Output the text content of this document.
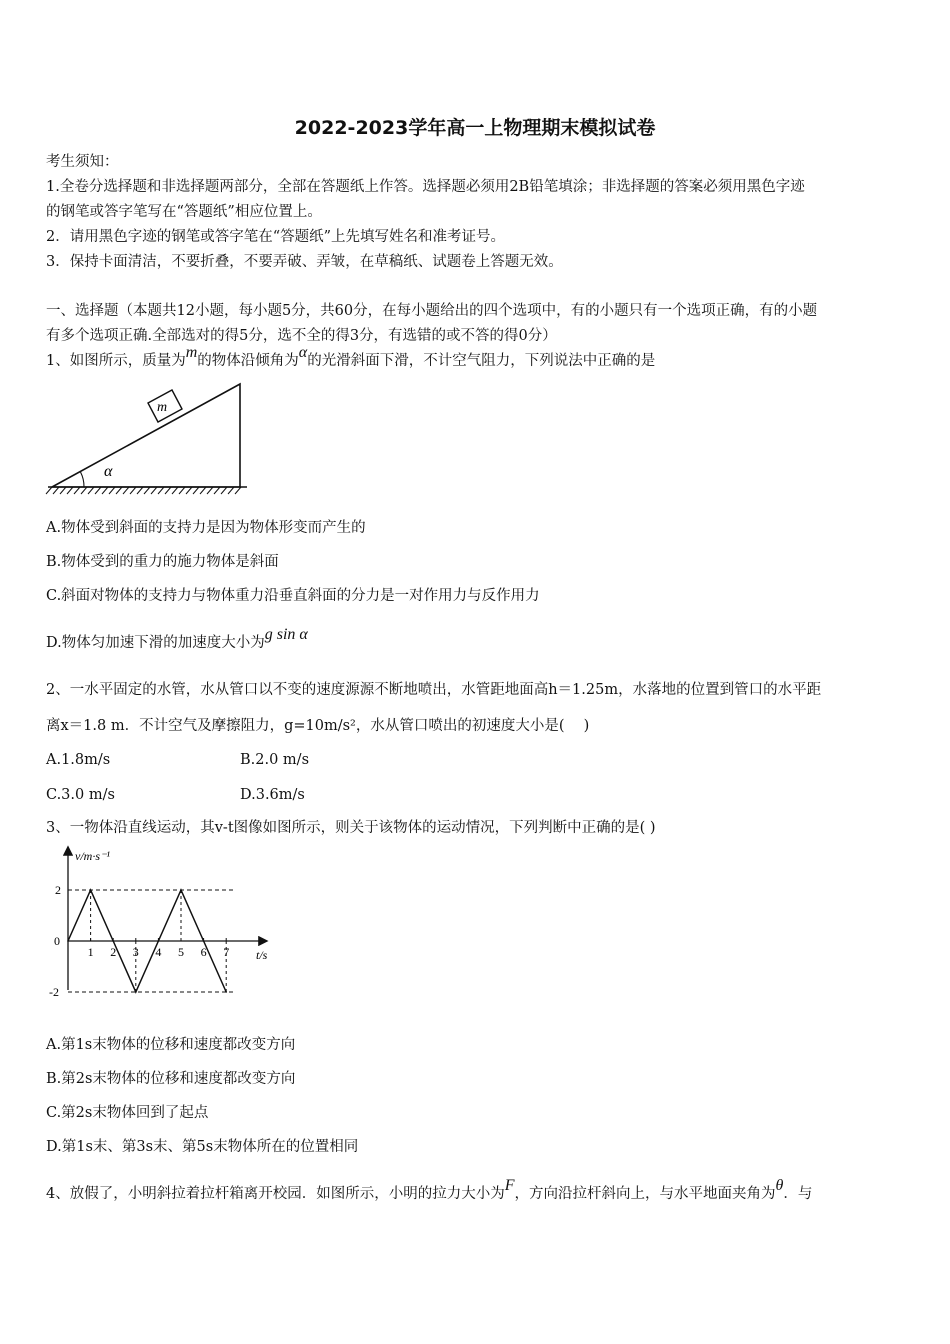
2022-2023学年高一上物理期末模拟试卷
考生须知：
1.全卷分选择题和非选择题两部分，全部在答题纸上作答。选择题必须用2B铅笔填涂；非选择题的答案必须用黑色字迹
的钢笔或答字笔写在“答题纸”相应位置上。
2．请用黑色字迹的钢笔或答字笔在“答题纸”上先填写姓名和准考证号。
3．保持卡面清洁，不要折叠，不要弄破、弄皱，在草稿纸、试题卷上答题无效。
一、选择题（本题共12小题，每小题5分，共60分，在每小题给出的四个选项中，有的小题只有一个选项正确，有的小题
有多个选项正确.全部选对的得5分，选不全的得3分，有选错的或不答的得0分）
1、如图所示，质量为m的物体沿倾角为α的光滑斜面下滑，不计空气阻力，下列说法中正确的是
m
α
A.物体受到斜面的支持力是因为物体形变而产生的
B.物体受到的重力的施力物体是斜面
C.斜面对物体的支持力与物体重力沿垂直斜面的分力是一对作用力与反作用力
D.物体匀加速下滑的加速度大小为g sin α
2、一水平固定的水管，水从管口以不变的速度源源不断地喷出，水管距地面高h＝1.25m，水落地的位置到管口的水平距
离x＝1.8 m．不计空气及摩擦阻力，g=10m/s²，水从管口喷出的初速度大小是(　 )
A.1.8m/s	B.2.0 m/s
C.3.0 m/s	D.3.6m/s
3、一物体沿直线运动，其v-t图像如图所示，则关于该物体的运动情况，下列判断中正确的是( )
v/m·s⁻¹
t/s
0
1 2 3 4 5 6 7
2
-2
A.第1s末物体的位移和速度都改变方向
B.第2s末物体的位移和速度都改变方向
C.第2s末物体回到了起点
D.第1s末、第3s末、第5s末物体所在的位置相同
4、放假了，小明斜拉着拉杆箱离开校园．如图所示，小明的拉力大小为F，方向沿拉杆斜向上，与水平地面夹角为θ．与
